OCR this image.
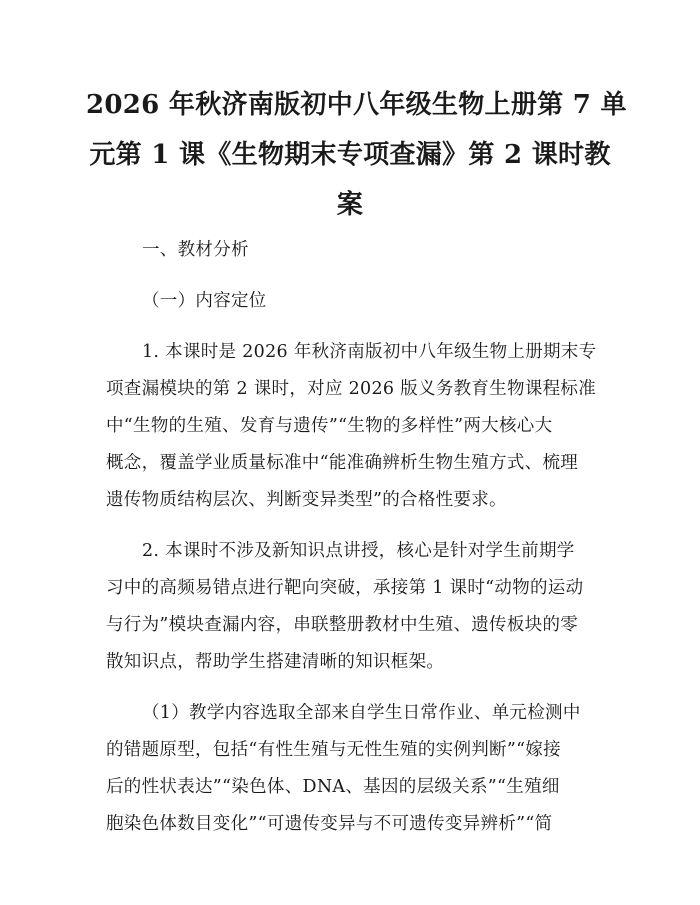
2026 年秋济南版初中八年级生物上册第 7 单
元第 1 课《生物期末专项查漏》第 2 课时教
案
一、教材分析
（一）内容定位
1. 本课时是 2026 年秋济南版初中八年级生物上册期末专
项查漏模块的第 2 课时，对应 2026 版义务教育生物课程标准
中“生物的生殖、发育与遗传”“生物的多样性”两大核心大
概念，覆盖学业质量标准中“能准确辨析生物生殖方式、梳理
遗传物质结构层次、判断变异类型”的合格性要求。
2. 本课时不涉及新知识点讲授，核心是针对学生前期学
习中的高频易错点进行靶向突破，承接第 1 课时“动物的运动
与行为”模块查漏内容，串联整册教材中生殖、遗传板块的零
散知识点，帮助学生搭建清晰的知识框架。
（1）教学内容选取全部来自学生日常作业、单元检测中
的错题原型，包括“有性生殖与无性生殖的实例判断”“嫁接
后的性状表达”“染色体、DNA、基因的层级关系”“生殖细
胞染色体数目变化”“可遗传变异与不可遗传变异辨析”“简
